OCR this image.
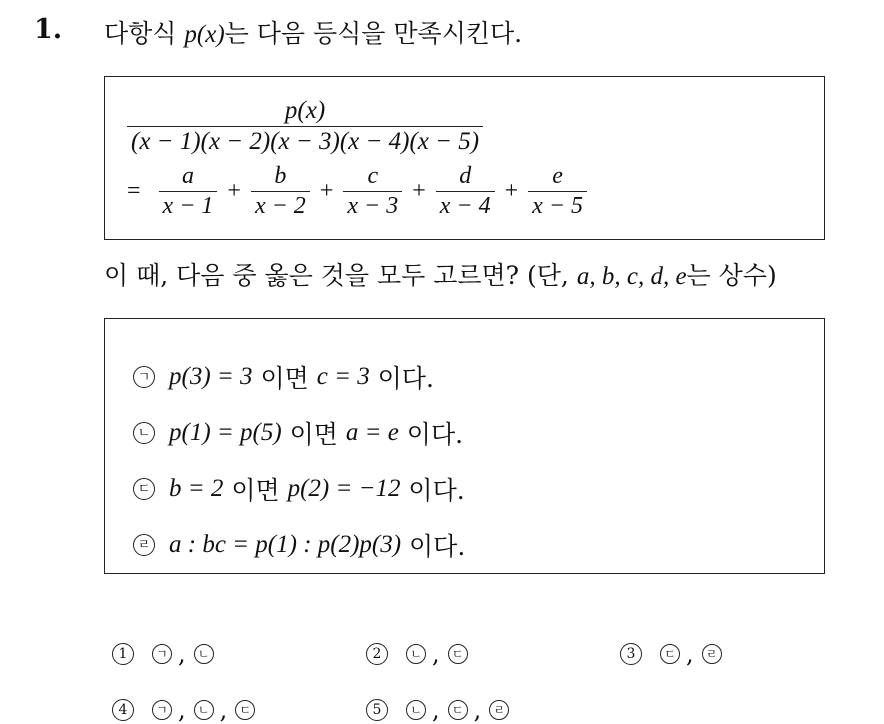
1. 다항식 p(x)는 다음 등식을 만족시킨다.
$\frac{p(x)}{(x - 1)(x - 2)(x - 3)(x - 4)(x - 5)}$
= $\frac{a}{x - 1} + \frac{b}{x - 2} + \frac{c}{x - 3} + \frac{d}{x - 4} + \frac{e}{x - 5}$
이 때, 다음 중 옳은 것을 모두 고르면? (단, a, b, c, d, e는 상수)
ㄱ p(3) = 3 이면 c = 3 이다.
ㄴ p(1) = p(5) 이면 a = e 이다.
ㄷ b = 2 이면 p(2) = −12 이다.
ㄹ a : bc = p(1) : p(2)p(3) 이다.
1	ㄱ ,	ㄴ	2	ㄴ ,	ㄷ	3	ㄷ ,	ㄹ
4	ㄱ ,	ㄴ ,	ㄷ	5	ㄴ ,	ㄷ ,	ㄹ
